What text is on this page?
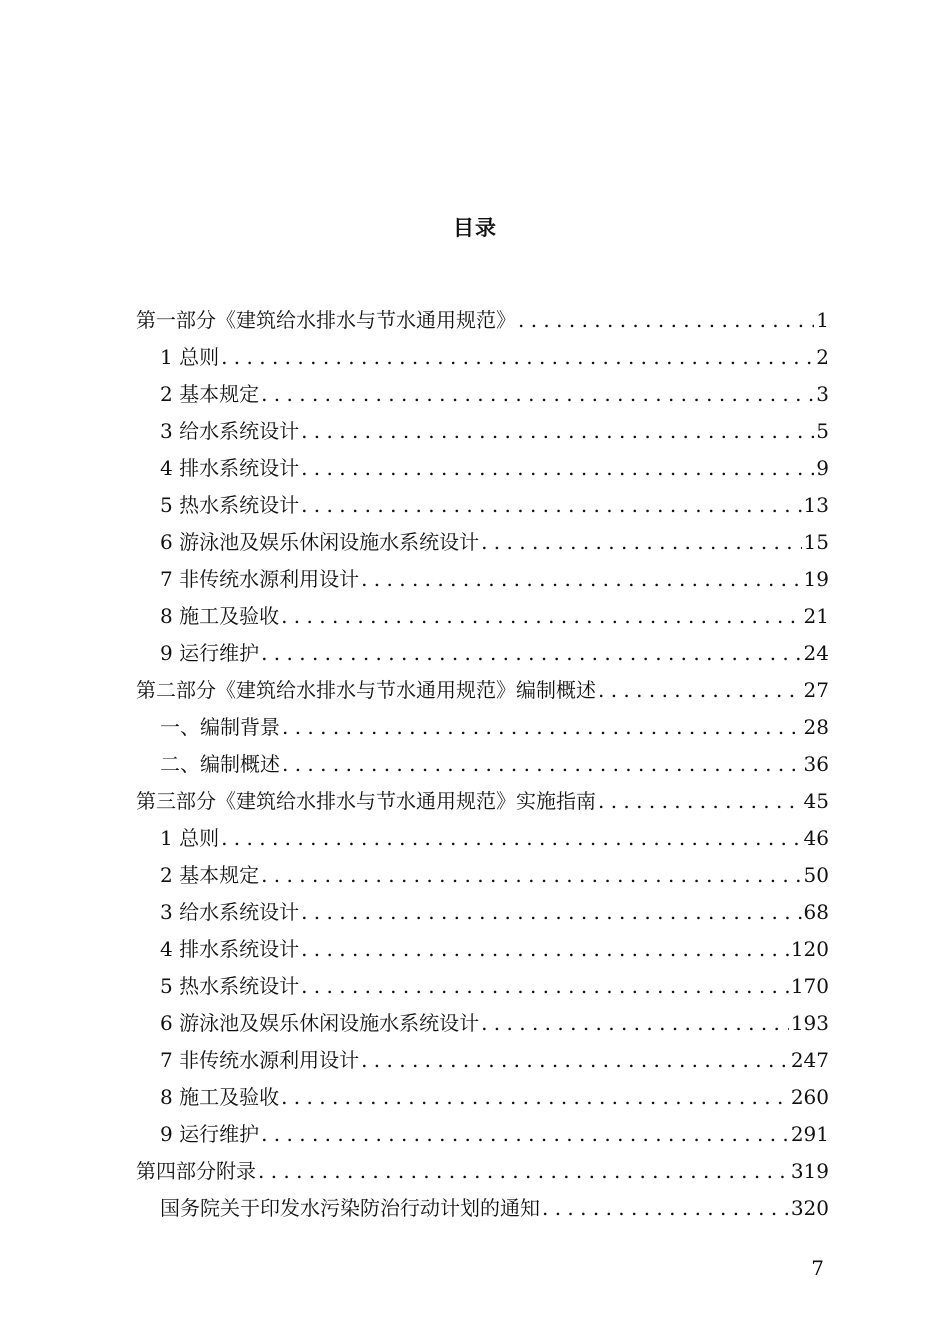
目录
第一部分《建筑给水排水与节水通用规范》 . . .	1
1 总则 . . .	2
2 基本规定 . . .	3
3 给水系统设计 . . .	5
4 排水系统设计 . . .	9
5 热水系统设计 . . .	13
6 游泳池及娱乐休闲设施水系统设计 . . .	15
7 非传统水源利用设计 . . .	19
8 施工及验收 . . .	21
9 运行维护 . . .	24
第二部分《建筑给水排水与节水通用规范》编制概述 . . .	27
一、编制背景 . . .	28
二、编制概述 . . .	36
第三部分《建筑给水排水与节水通用规范》实施指南 . . .	45
1 总则 . . .	46
2 基本规定 . . .	50
3 给水系统设计 . . .	68
4 排水系统设计 . . .	120
5 热水系统设计 . . .	170
6 游泳池及娱乐休闲设施水系统设计 . . .	193
7 非传统水源利用设计 . . .	247
8 施工及验收 . . .	260
9 运行维护 . . .	291
第四部分附录 . . .	319
国务院关于印发水污染防治行动计划的通知 . . .	320
7
